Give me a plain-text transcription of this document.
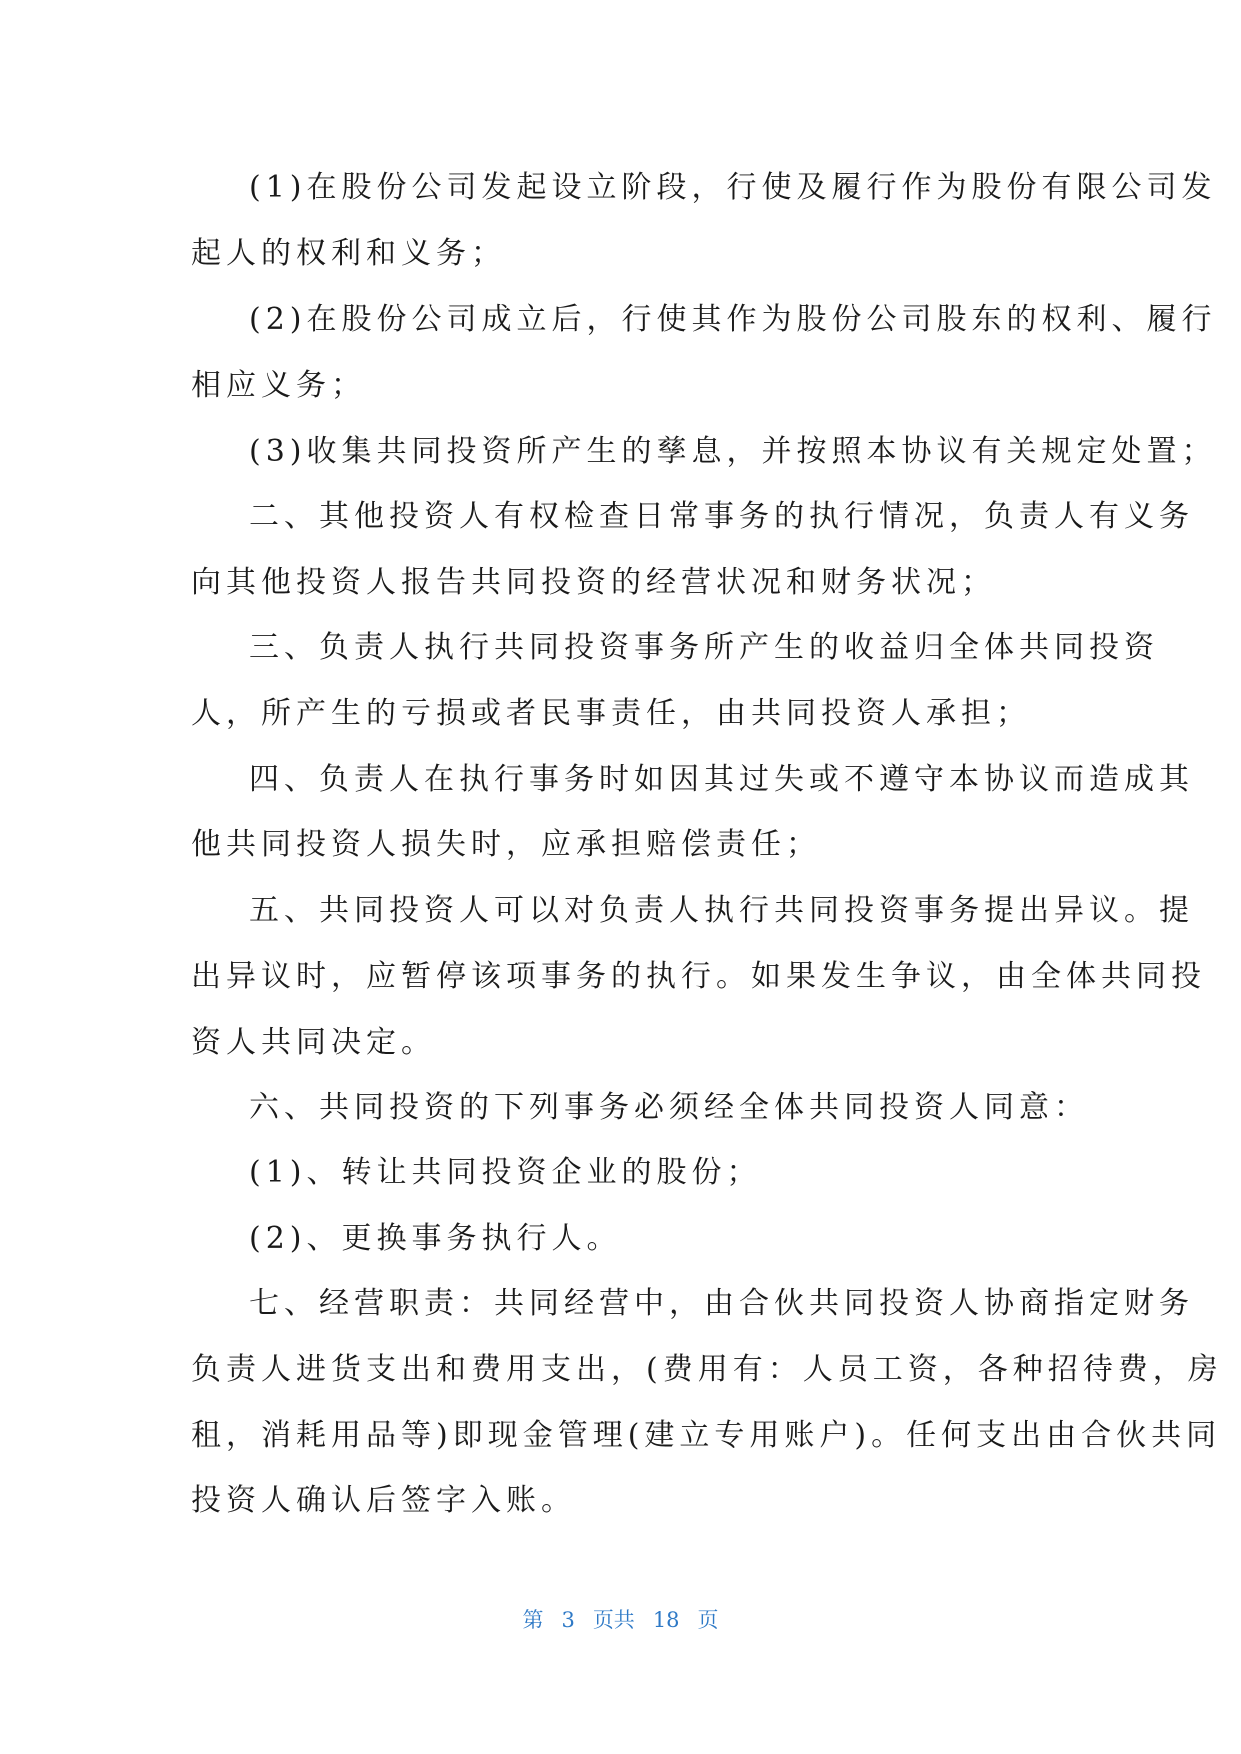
(1)在股份公司发起设立阶段，行使及履行作为股份有限公司发
起人的权利和义务；
(2)在股份公司成立后，行使其作为股份公司股东的权利、履行
相应义务；
(3)收集共同投资所产生的孳息，并按照本协议有关规定处置；
二、其他投资人有权检查日常事务的执行情况，负责人有义务
向其他投资人报告共同投资的经营状况和财务状况；
三、负责人执行共同投资事务所产生的收益归全体共同投资
人，所产生的亏损或者民事责任，由共同投资人承担；
四、负责人在执行事务时如因其过失或不遵守本协议而造成其
他共同投资人损失时，应承担赔偿责任；
五、共同投资人可以对负责人执行共同投资事务提出异议。提
出异议时，应暂停该项事务的执行。如果发生争议，由全体共同投
资人共同决定。
六、共同投资的下列事务必须经全体共同投资人同意：
(1)、转让共同投资企业的股份；
(2)、更换事务执行人。
七、经营职责：共同经营中，由合伙共同投资人协商指定财务
负责人进货支出和费用支出，(费用有：人员工资，各种招待费，房
租，消耗用品等)即现金管理(建立专用账户)。任何支出由合伙共同
投资人确认后签字入账。
第 3 页共 18 页
